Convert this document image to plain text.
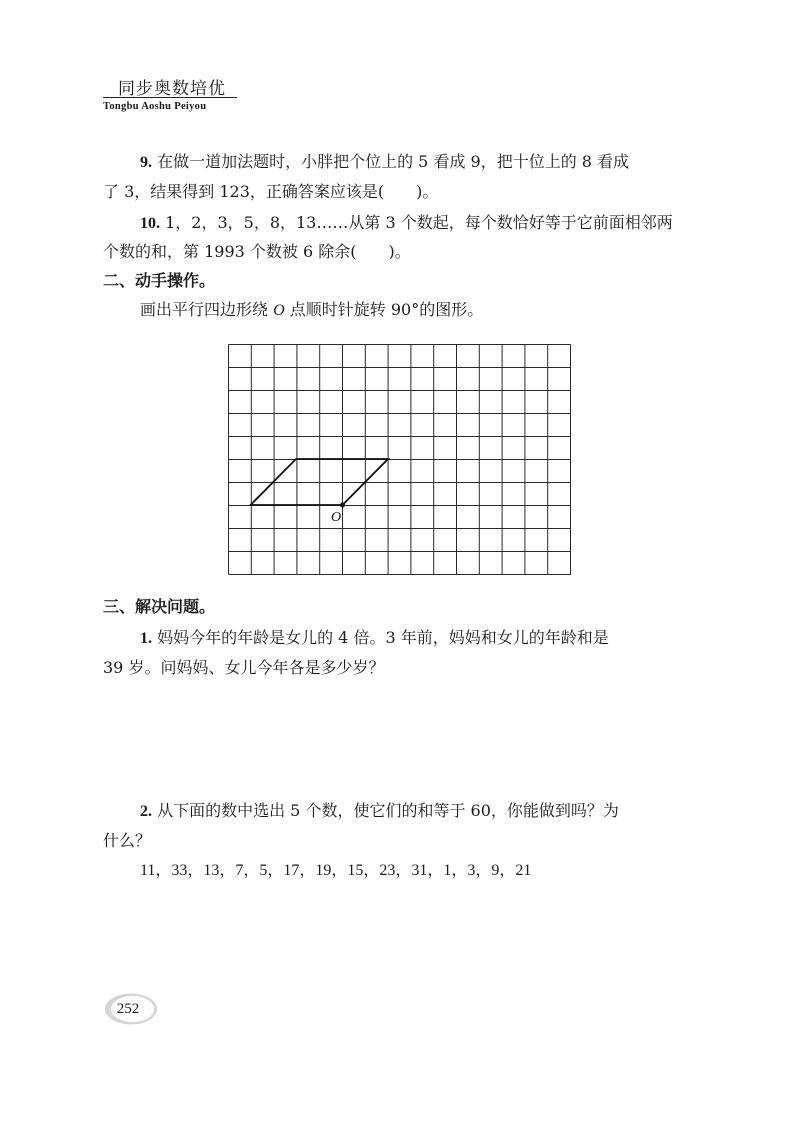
同步奥数培优
Tongbu Aoshu Peiyou
9. 在做一道加法题时，小胖把个位上的 5 看成 9，把十位上的 8 看成
了 3，结果得到 123，正确答案应该是(　　)。
10. 1，2，3，5，8，13……从第 3 个数起，每个数恰好等于它前面相邻两
个数的和，第 1993 个数被 6 除余(　　)。
二、动手操作。
画出平行四边形绕 O 点顺时针旋转 90°的图形。
O
三、解决问题。
1. 妈妈今年的年龄是女儿的 4 倍。3 年前，妈妈和女儿的年龄和是
39 岁。问妈妈、女儿今年各是多少岁？
2. 从下面的数中选出 5 个数，使它们的和等于 60，你能做到吗？为
什么？
11，33，13，7，5，17，19，15，23，31，1，3，9，21
252
